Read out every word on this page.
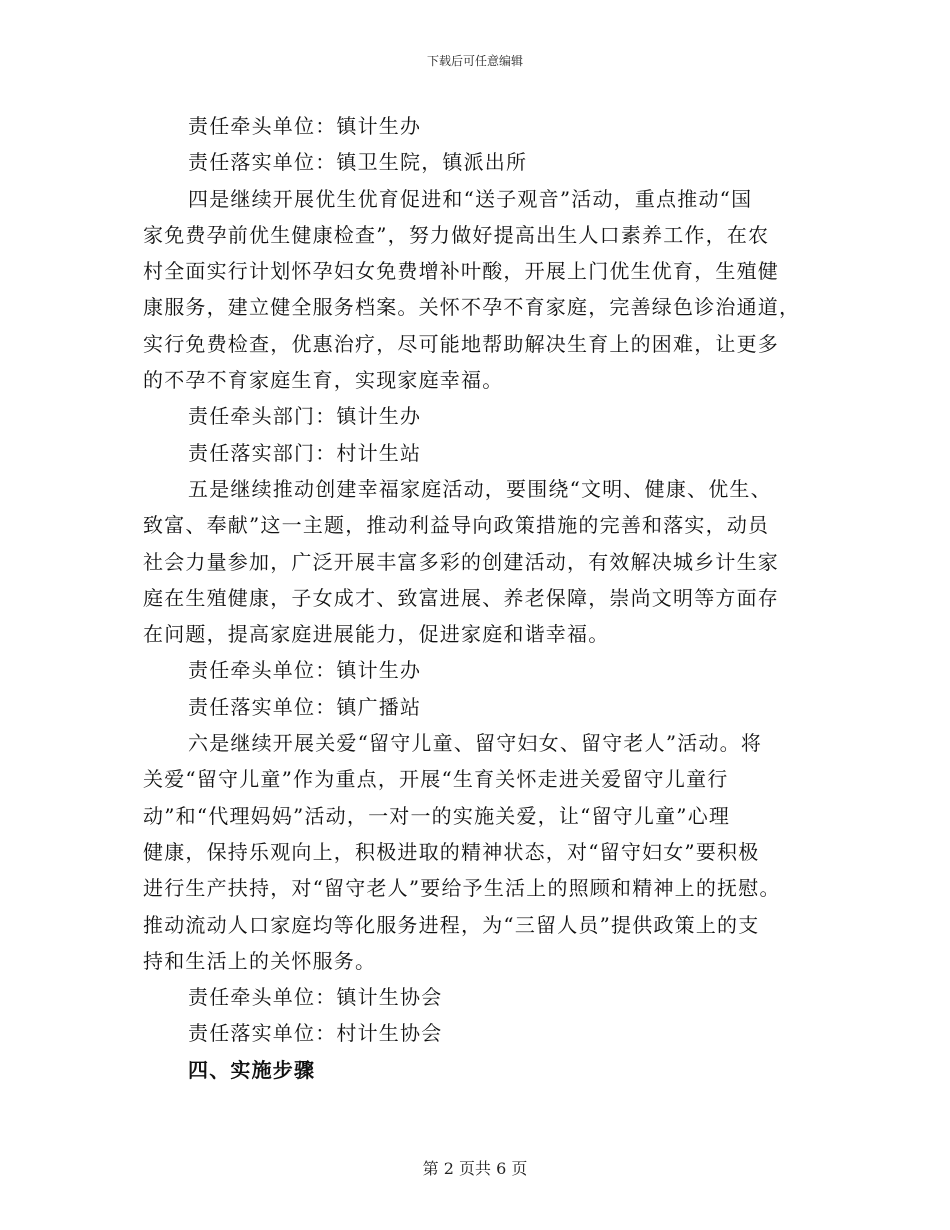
下载后可任意编辑
责任牵头单位：镇计生办
责任落实单位：镇卫生院，镇派出所
四是继续开展优生优育促进和“送子观音”活动，重点推动“国
家免费孕前优生健康检查”，努力做好提高出生人口素养工作，在农
村全面实行计划怀孕妇女免费增补叶酸，开展上门优生优育，生殖健
康服务，建立健全服务档案。关怀不孕不育家庭，完善绿色诊治通道，
实行免费检查，优惠治疗，尽可能地帮助解决生育上的困难，让更多
的不孕不育家庭生育，实现家庭幸福。
责任牵头部门：镇计生办
责任落实部门：村计生站
五是继续推动创建幸福家庭活动，要围绕“文明、健康、优生、
致富、奉献”这一主题，推动利益导向政策措施的完善和落实，动员
社会力量参加，广泛开展丰富多彩的创建活动，有效解决城乡计生家
庭在生殖健康，子女成才、致富进展、养老保障，崇尚文明等方面存
在问题，提高家庭进展能力，促进家庭和谐幸福。
责任牵头单位：镇计生办
责任落实单位：镇广播站
六是继续开展关爱“留守儿童、留守妇女、留守老人”活动。将
关爱“留守儿童”作为重点，开展“生育关怀走进关爱留守儿童行
动”和“代理妈妈”活动，一对一的实施关爱，让“留守儿童”心理
健康，保持乐观向上，积极进取的精神状态，对“留守妇女”要积极
进行生产扶持，对“留守老人”要给予生活上的照顾和精神上的抚慰。
推动流动人口家庭均等化服务进程，为“三留人员”提供政策上的支
持和生活上的关怀服务。
责任牵头单位：镇计生协会
责任落实单位：村计生协会
四、实施步骤
第 2 页共 6 页
